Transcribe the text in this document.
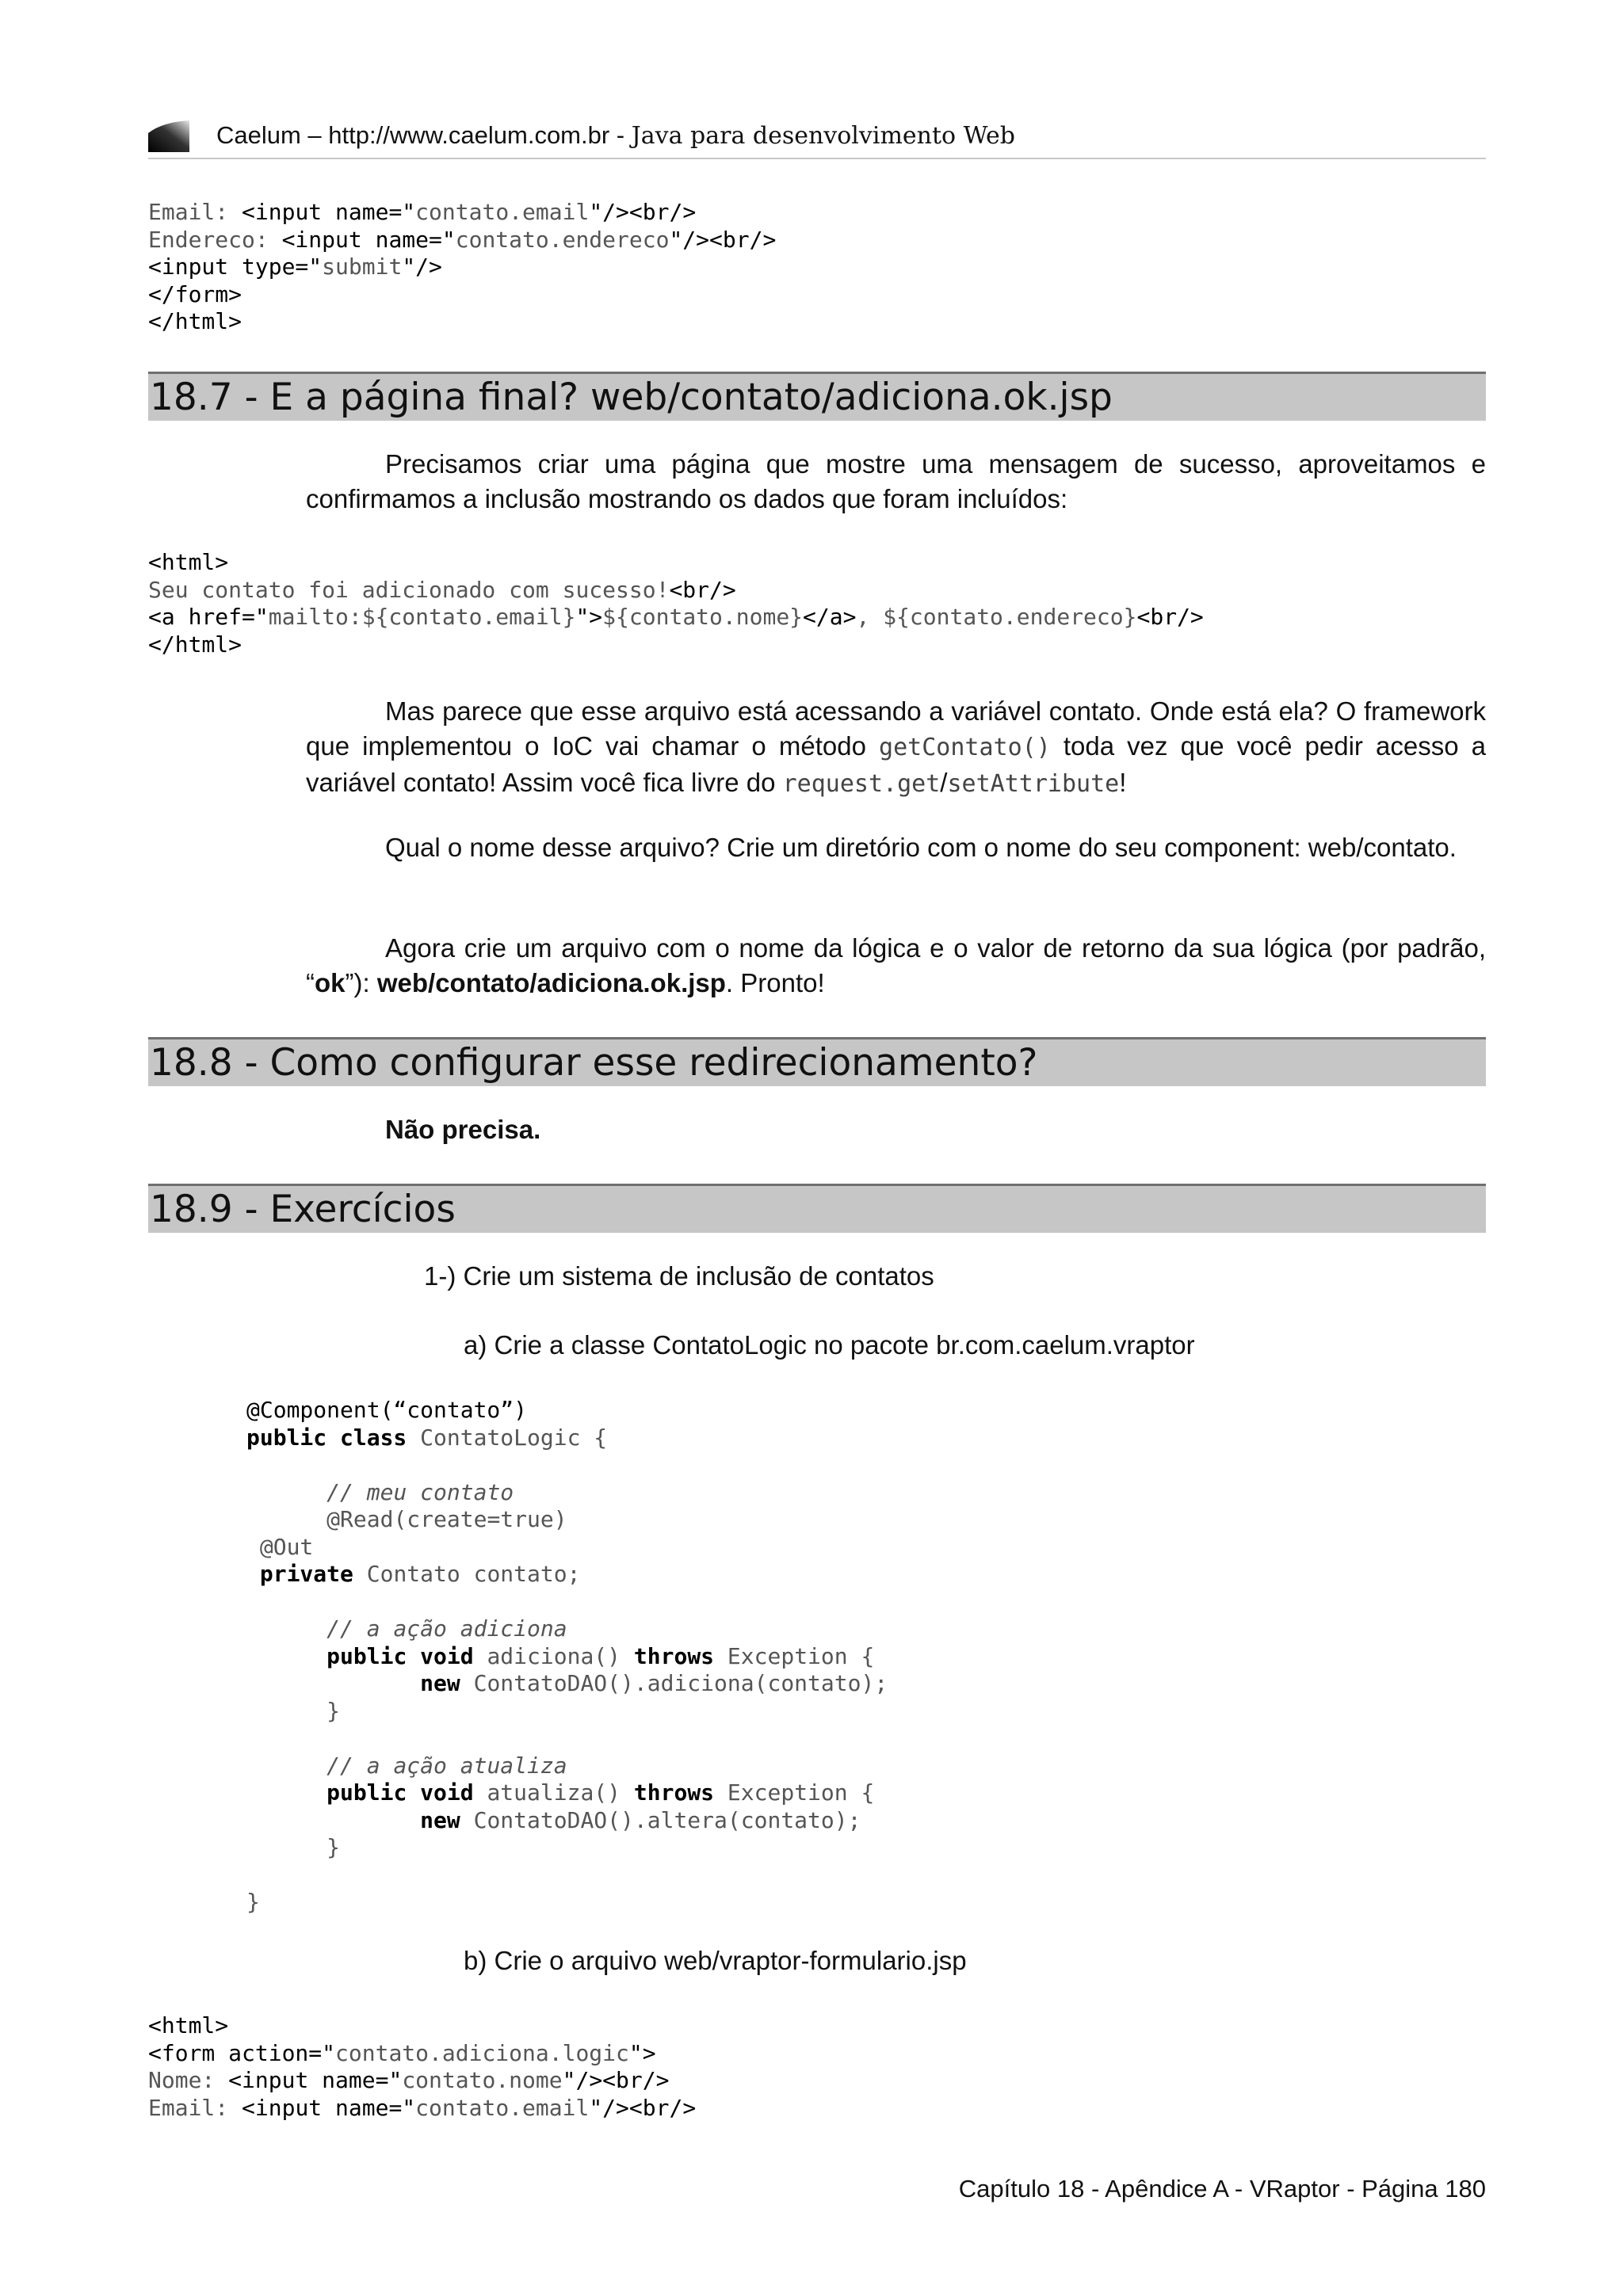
Caelum – http://www.caelum.com.br - Java para desenvolvimento Web
Email: <input name="contato.email"/><br/>
Endereco: <input name="contato.endereco"/><br/>
<input type="submit"/>
</form>
</html>
18.7 - E a página final? web/contato/adiciona.ok.jsp

Precisamos criar uma página que mostre uma mensagem de sucesso, aproveitamos e confirmamos a inclusão mostrando os dados que foram incluídos:

<html>
Seu contato foi adicionado com sucesso!<br/>
<a href="mailto:${contato.email}">${contato.nome}</a>, ${contato.endereco}<br/>
</html>

Mas parece que esse arquivo está acessando a variável contato. Onde está ela? O framework que implementou o IoC vai chamar o método getContato() toda vez que você pedir acesso a variável contato! Assim você fica livre do request.get/setAttribute!

Qual o nome desse arquivo? Crie um diretório com o nome do seu component: web/contato.

Agora crie um arquivo com o nome da lógica e o valor de retorno da sua lógica (por padrão, “ok”): web/contato/adiciona.ok.jsp. Pronto!

18.8 - Como configurar esse redirecionamento?
Não precisa.
18.9 - Exercícios
1-) Crie um sistema de inclusão de contatos
a) Crie a classe ContatoLogic no pacote br.com.caelum.vraptor
@Component(“contato”)
public class ContatoLogic {

// meu contato
@Read(create=true)
@Out
private Contato contato;

// a ação adiciona
public void adiciona() throws Exception {
new ContatoDAO().adiciona(contato);
}

// a ação atualiza
public void atualiza() throws Exception {
new ContatoDAO().altera(contato);
}

}
b) Crie o arquivo web/vraptor-formulario.jsp
<html>
<form action="contato.adiciona.logic">
Nome: <input name="contato.nome"/><br/>
Email: <input name="contato.email"/><br/>
Capítulo 18 - Apêndice A - VRaptor - Página 180
